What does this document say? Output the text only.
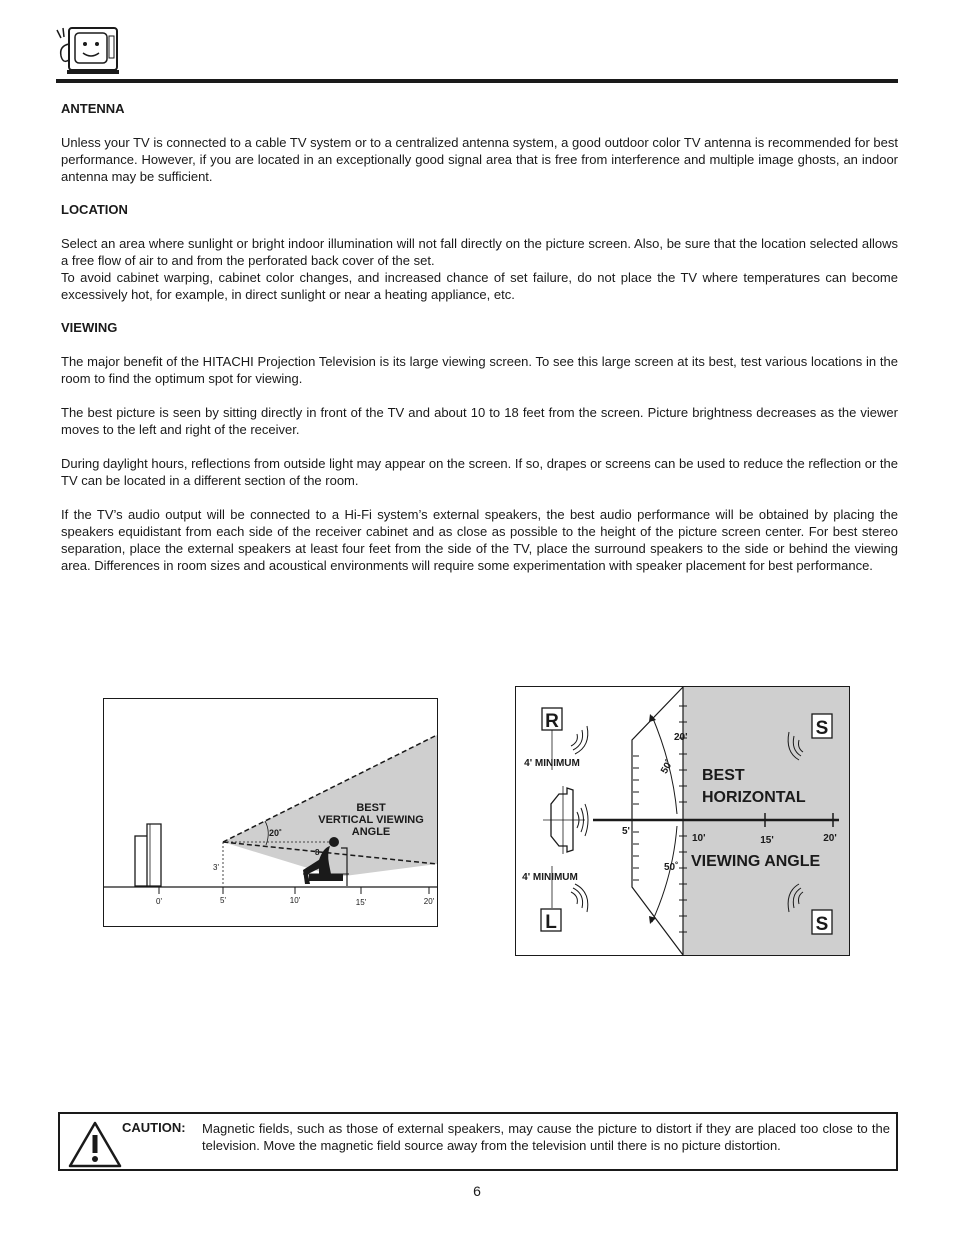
ANTENNA

Unless your TV is connected to a cable TV system or to a centralized antenna system, a good outdoor color TV antenna is recommended for best performance. However, if you are located in an exceptionally good signal area that is free from interference and multiple image ghosts, an indoor antenna may be sufficient.

LOCATION

Select an area where sunlight or bright indoor illumination will not fall directly on the picture screen. Also, be sure that the location selected allows a free flow of air to and from the perforated back cover of the set.

To avoid cabinet warping, cabinet color changes, and increased chance of set failure, do not place the TV where temperatures can become excessively hot, for example, in direct sunlight or near a heating appliance, etc.

VIEWING

The major benefit of the HITACHI Projection Television is its large viewing screen. To see this large screen at its best, test various locations in the room to find the optimum spot for viewing.

The best picture is seen by sitting directly in front of the TV and about 10 to 18 feet from the screen. Picture brightness decreases as the viewer moves to the left and right of the receiver.

During daylight hours, reflections from outside light may appear on the screen. If so, drapes or screens can be used to reduce the reflection or the TV can be located in a different section of the room.

If the TV’s audio output will be connected to a Hi-Fi system’s external speakers, the best audio performance will be obtained by placing the speakers equidistant from each side of the receiver cabinet and as close as possible to the height of the picture screen center. For best stereo separation, place the external speakers at least four feet from the side of the TV, place the surround speakers to the side or behind the viewing area. Differences in room sizes and acoustical environments will require some experimentation with speaker placement for best performance.

20˚
8
BEST
VERTICAL VIEWING
ANGLE
3'
0'	5'	10'	15'	20'
R
4' MINIMUM
L
4' MINIMUM
S
S
20'
50˚
50˚
5'
10'	15'	20'
BEST
HORIZONTAL
VIEWING ANGLE
CAUTION: Magnetic fields, such as those of external speakers, may cause the picture to distort if they are placed too close to the television. Move the magnetic field source away from the television until there is no picture distortion.
6
